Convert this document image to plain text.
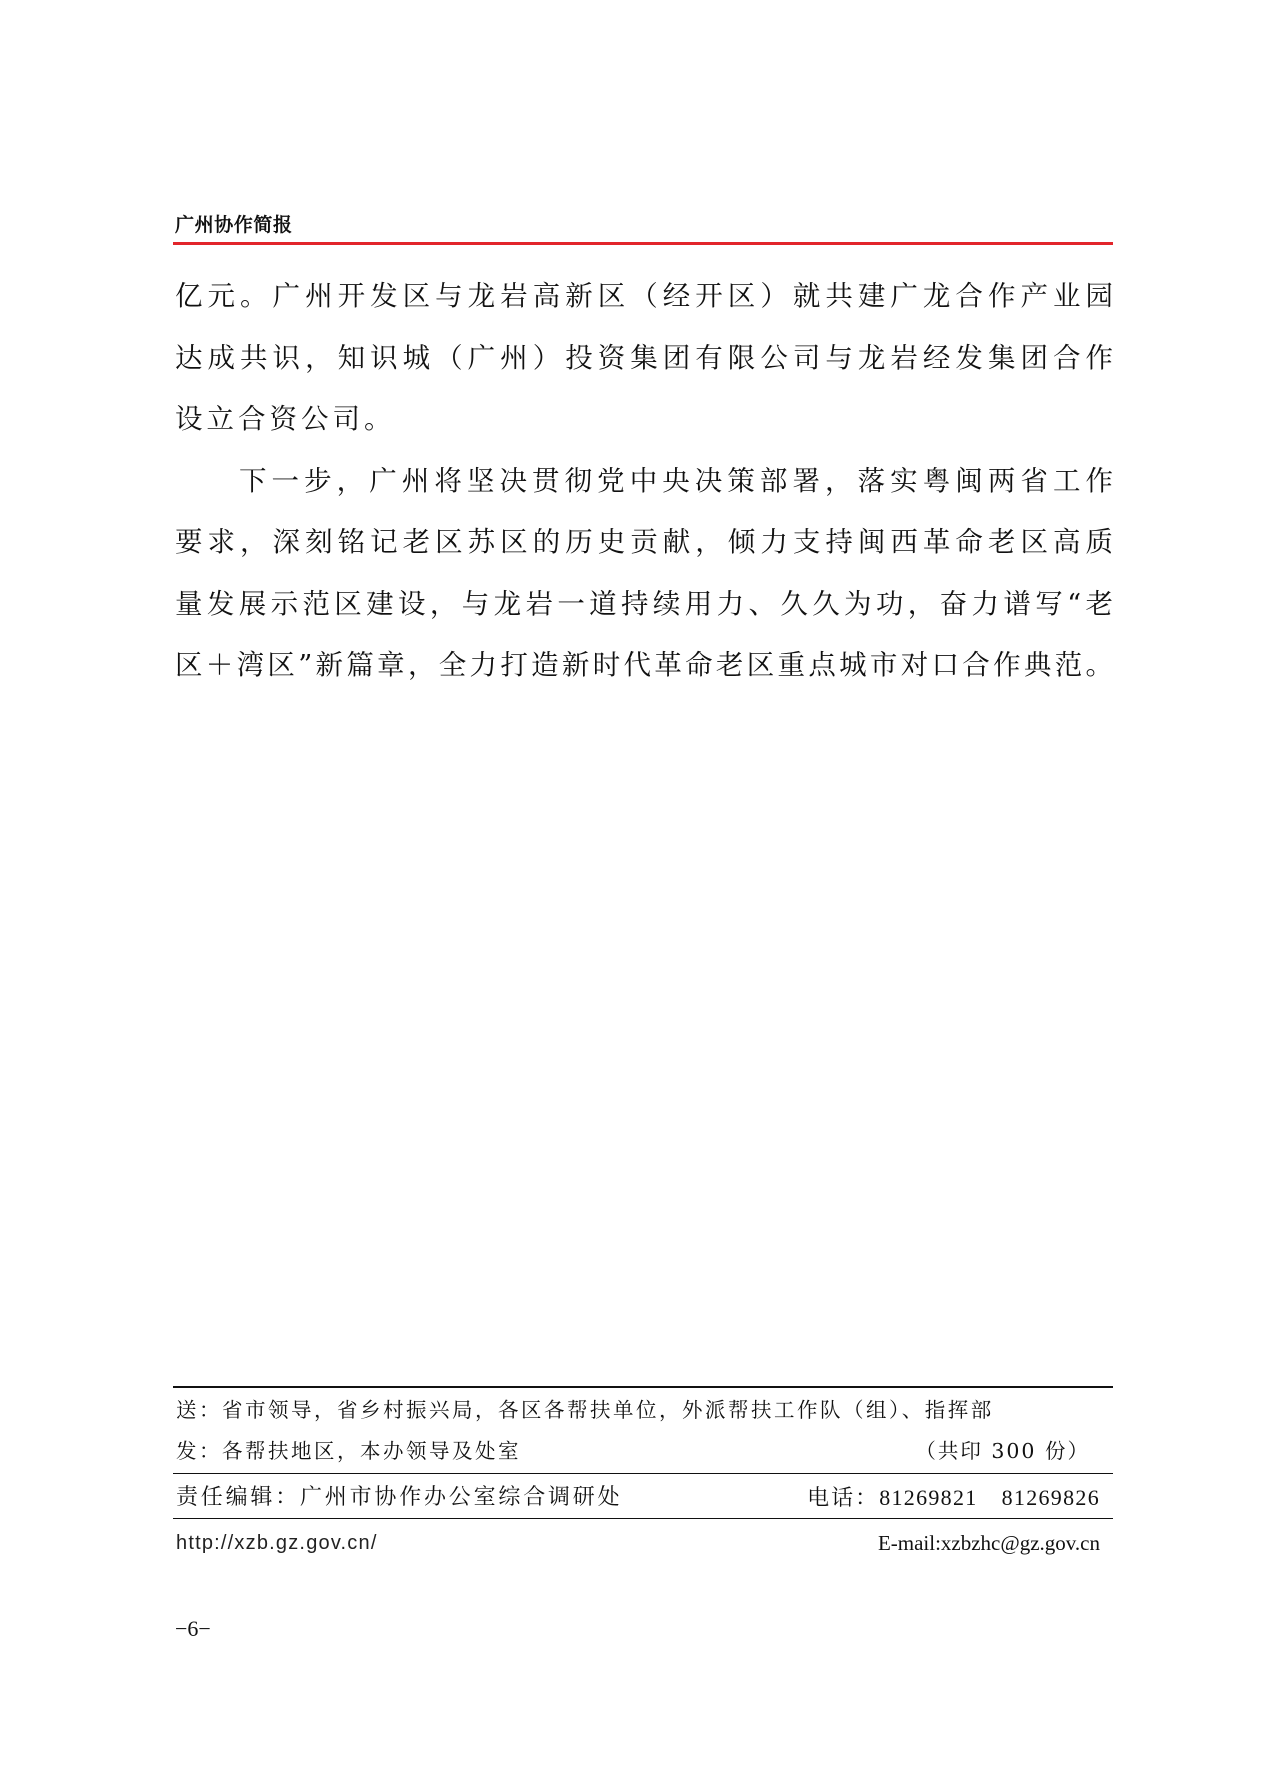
广州协作简报
亿元。广州开发区与龙岩高新区（经开区）就共建广龙合作产业园
达成共识，知识城（广州）投资集团有限公司与龙岩经发集团合作
设立合资公司。
下一步，广州将坚决贯彻党中央决策部署，落实粤闽两省工作
要求，深刻铭记老区苏区的历史贡献，倾力支持闽西革命老区高质
量发展示范区建设，与龙岩一道持续用力、久久为功，奋力谱写“老
区＋湾区”新篇章，全力打造新时代革命老区重点城市对口合作典范。
送：省市领导，省乡村振兴局，各区各帮扶单位，外派帮扶工作队（组）、指挥部
发：各帮扶地区，本办领导及处室	（共印 300 份）
责任编辑：广州市协作办公室综合调研处	电话：81269821 81269826
http://xzb.gz.gov.cn/	E-mail:xzbzhc@gz.gov.cn
−6−
